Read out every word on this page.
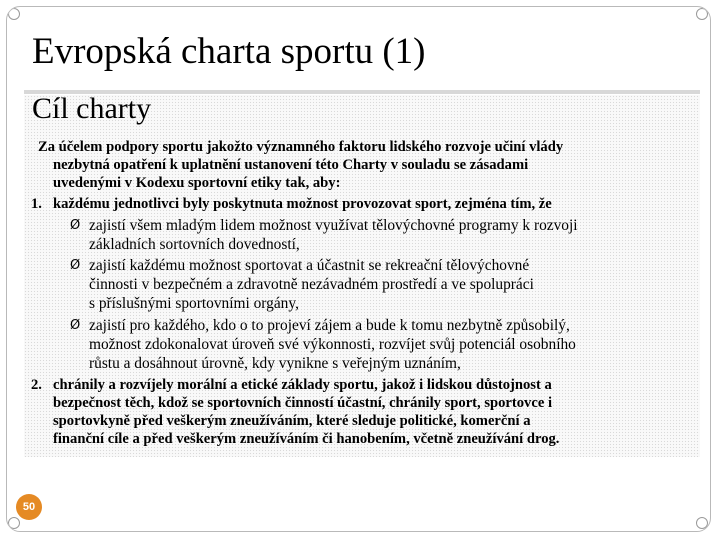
Evropská charta sportu (1)
Cíl charty
Za účelem podpory sportu jakožto významného faktoru lidského rozvoje učiní vlády
nezbytná opatření k uplatnění ustanovení této Charty v souladu se zásadami
uvedenými v Kodexu sportovní etiky tak, aby:
1. každému jednotlivci byly poskytnuta možnost provozovat sport, zejména tím, že
Ø zajistí všem mladým lidem možnost využívat tělovýchovné programy k rozvoji
základních sortovních dovedností,
Ø zajistí každému možnost sportovat a účastnit se rekreační tělovýchovné
činnosti v bezpečném a zdravotně nezávadném prostředí a ve spolupráci
s příslušnými sportovními orgány,
Ø zajistí pro každého, kdo o to projeví zájem a bude k tomu nezbytně způsobilý,
možnost zdokonalovat úroveň své výkonnosti, rozvíjet svůj potenciál osobního
růstu a dosáhnout úrovně, kdy vynikne s veřejným uznáním,
2. chránily a rozvíjely morální a etické základy sportu, jakož i lidskou důstojnost a
bezpečnost těch, kdož se sportovních činností účastní, chránily sport, sportovce i
sportovkyně před veškerým zneužíváním, které sleduje politické, komerční a
finanční cíle a před veškerým zneužíváním či hanobením, včetně zneužívání drog.
50
